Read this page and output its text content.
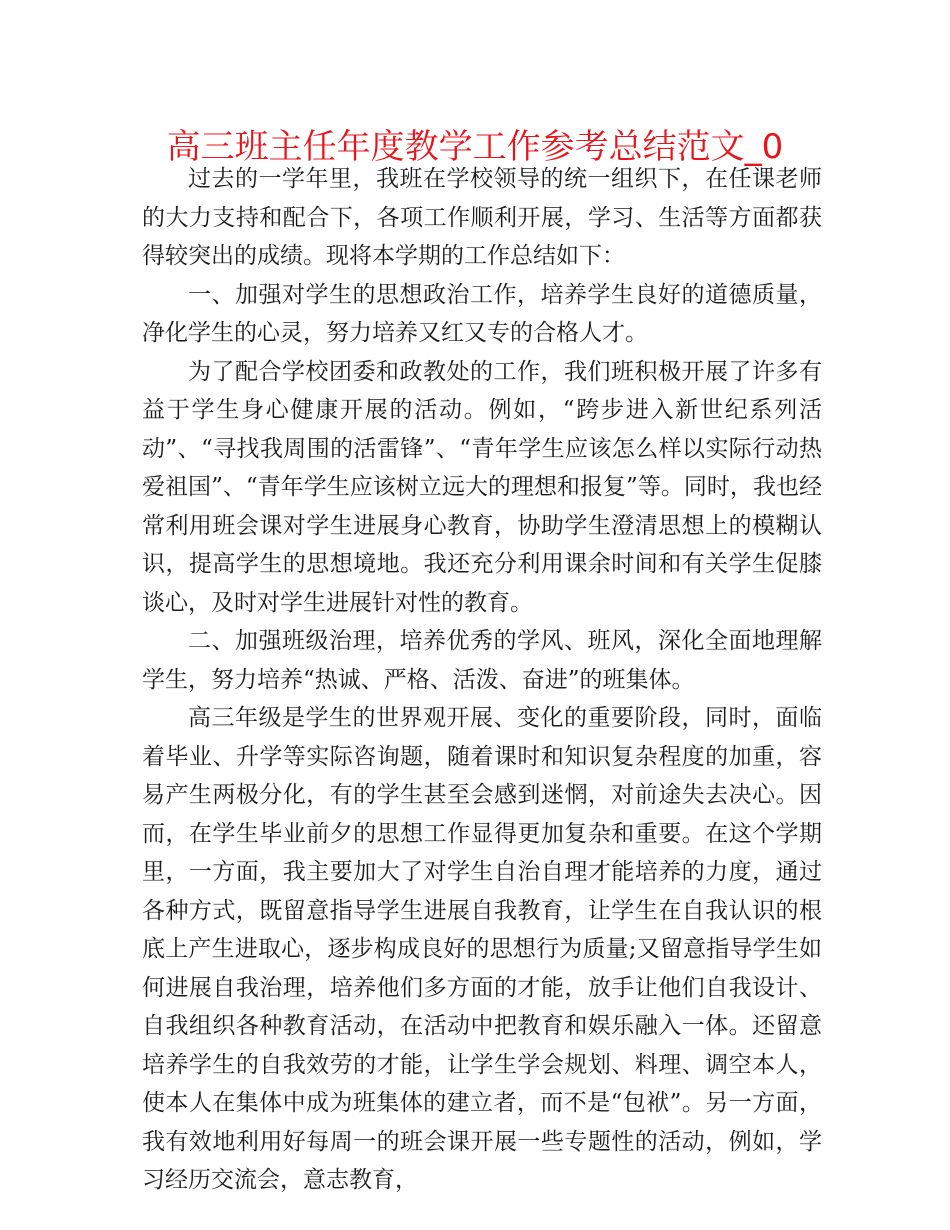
高三班主任年度教学工作参考总结范文_0

过去的一学年里，我班在学校领导的统一组织下，在任课老师的大力支持和配合下，各项工作顺利开展，学习、生活等方面都获得较突出的成绩。现将本学期的工作总结如下：

一、加强对学生的思想政治工作，培养学生良好的道德质量，净化学生的心灵，努力培养又红又专的合格人才。

为了配合学校团委和政教处的工作，我们班积极开展了许多有益于学生身心健康开展的活动。例如，“跨步进入新世纪系列活动”、“寻找我周围的活雷锋”、“青年学生应该怎么样以实际行动热爱祖国”、“青年学生应该树立远大的理想和报复”等。同时，我也经常利用班会课对学生进展身心教育，协助学生澄清思想上的模糊认识，提高学生的思想境地。我还充分利用课余时间和有关学生促膝谈心，及时对学生进展针对性的教育。

二、加强班级治理，培养优秀的学风、班风，深化全面地理解学生，努力培养“热诚、严格、活泼、奋进”的班集体。

高三年级是学生的世界观开展、变化的重要阶段，同时，面临着毕业、升学等实际咨询题，随着课时和知识复杂程度的加重，容易产生两极分化，有的学生甚至会感到迷惘，对前途失去决心。因而，在学生毕业前夕的思想工作显得更加复杂和重要。在这个学期里，一方面，我主要加大了对学生自治自理才能培养的力度，通过各种方式，既留意指导学生进展自我教育，让学生在自我认识的根底上产生进取心，逐步构成良好的思想行为质量;又留意指导学生如何进展自我治理，培养他们多方面的才能，放手让他们自我设计、自我组织各种教育活动，在活动中把教育和娱乐融入一体。还留意培养学生的自我效劳的才能，让学生学会规划、料理、调空本人，使本人在集体中成为班集体的建立者，而不是“包袱”。另一方面，我有效地利用好每周一的班会课开展一些专题性的活动，例如，学习经历交流会，意志教育，
